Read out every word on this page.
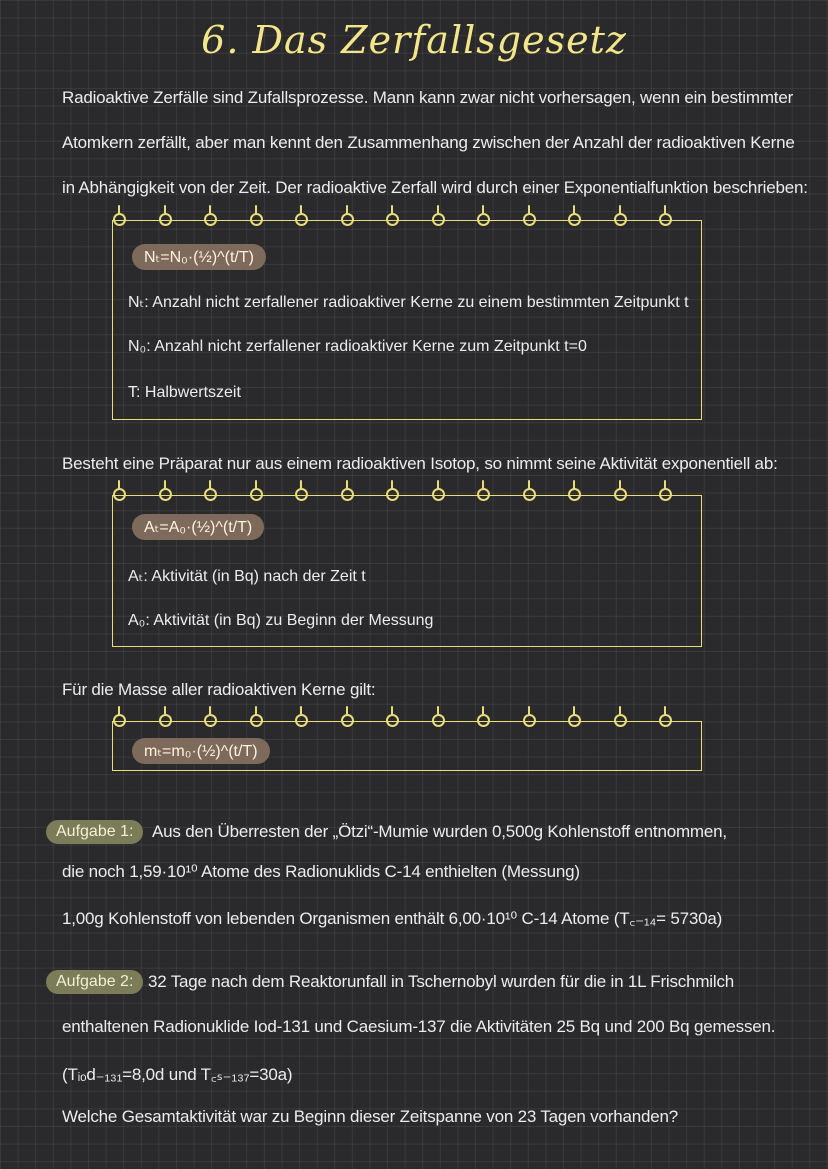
6. Das Zerfallsgesetz
Radioaktive Zerfälle sind Zufallsprozesse. Mann kann zwar nicht vorhersagen, wenn ein bestimmter
Atomkern zerfällt, aber man kennt den Zusammenhang zwischen der Anzahl der radioaktiven Kerne
in Abhängigkeit von der Zeit. Der radioaktive Zerfall wird durch einer Exponentialfunktion beschrieben:
Nₜ=N₀·(½)^(t/T)
Nₜ: Anzahl nicht zerfallener radioaktiver Kerne zu einem bestimmten Zeitpunkt t
N₀: Anzahl nicht zerfallener radioaktiver Kerne zum Zeitpunkt t=0
T: Halbwertszeit
Besteht eine Präparat nur aus einem radioaktiven Isotop, so nimmt seine Aktivität exponentiell ab:
Aₜ=A₀·(½)^(t/T)
Aₜ: Aktivität (in Bq) nach der Zeit t
A₀: Aktivität (in Bq) zu Beginn der Messung
Für die Masse aller radioaktiven Kerne gilt:
mₜ=m₀·(½)^(t/T)
Aufgabe 1:	Aus den Überresten der „Ötzi“-Mumie wurden 0,500g Kohlenstoff entnommen,
die noch 1,59·10¹⁰ Atome des Radionuklids C-14 enthielten (Messung)
1,00g Kohlenstoff von lebenden Organismen enthält 6,00·10¹⁰ C-14 Atome (T꜀₋₁₄= 5730a)
Aufgabe 2: 32 Tage nach dem Reaktorunfall in Tschernobyl wurden für die in 1L Frischmilch
enthaltenen Radionuklide Iod-131 und Caesium-137 die Aktivitäten 25 Bq und 200 Bq gemessen.
(Tᵢₒd₋₁₃₁=8,0d und T꜀ₛ₋₁₃₇=30a)
Welche Gesamtaktivität war zu Beginn dieser Zeitspanne von 23 Tagen vorhanden?
